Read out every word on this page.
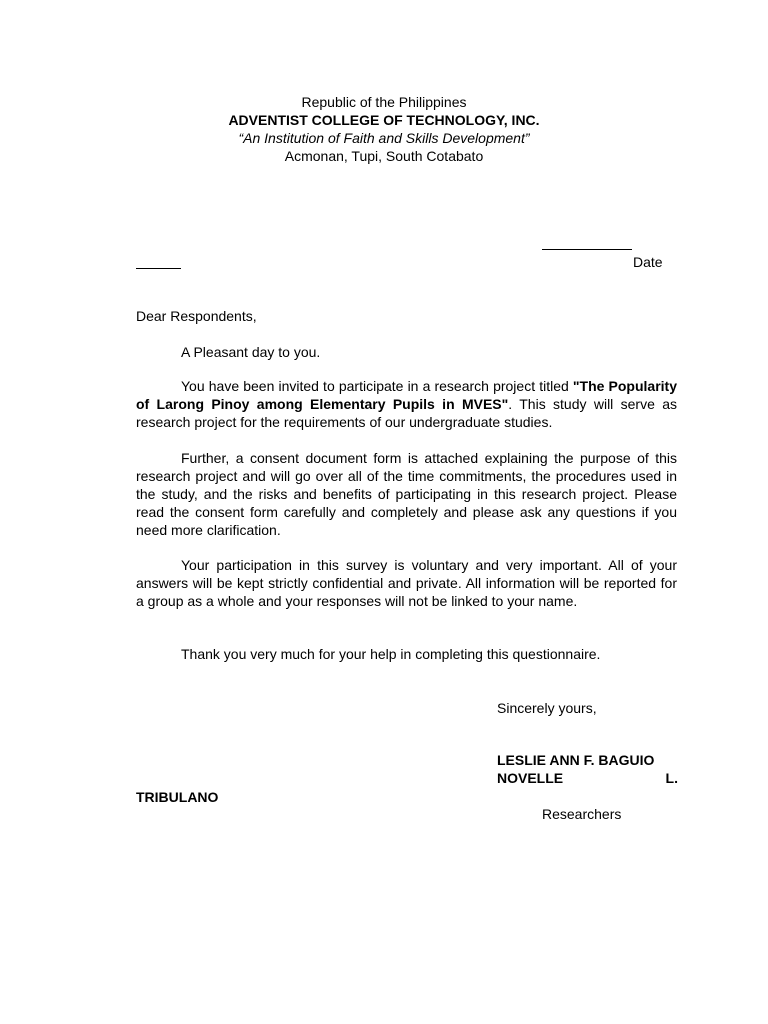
Republic of the Philippines
ADVENTIST COLLEGE OF TECHNOLOGY, INC.
“An Institution of Faith and Skills Development”
Acmonan, Tupi, South Cotabato
Date
Dear Respondents,
A Pleasant day to you.
You have been invited to participate in a research project titled "The Popularity of Larong Pinoy among Elementary Pupils in MVES". This study will serve as research project for the requirements of our undergraduate studies.
Further, a consent document form is attached explaining the purpose of this research project and will go over all of the time commitments, the procedures used in the study, and the risks and benefits of participating in this research project. Please read the consent form carefully and completely and please ask any questions if you need more clarification.
Your participation in this survey is voluntary and very important. All of your answers will be kept strictly confidential and private. All information will be reported for a group as a whole and your responses will not be linked to your name.
Thank you very much for your help in completing this questionnaire.
Sincerely yours,
LESLIE ANN F. BAGUIO
NOVELLE	L.
TRIBULANO
Researchers
